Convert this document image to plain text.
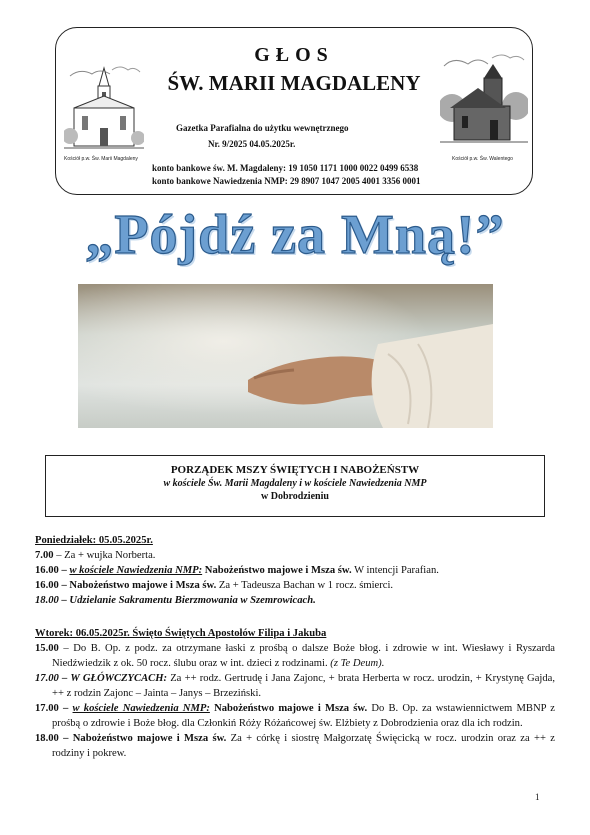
Kościół p.w. Św. Marii Magdaleny	Kościół p.w. Św. Walentego
GŁOS
ŚW. MARII MAGDALENY
Gazetka Parafialna do użytku wewnętrznego
Nr. 9/2025 04.05.2025r.
konto bankowe św. M. Magdaleny: 19 1050 1171 1000 0022 0499 6538
konto bankowe Nawiedzenia NMP: 29 8907 1047 2005 4001 3356 0001
„Pójdź za Mną!”
PORZĄDEK MSZY ŚWIĘTYCH I NABOŻEŃSTW
w kościele Św. Marii Magdaleny i w kościele Nawiedzenia NMP
w Dobrodzieniu

Poniedziałek: 05.05.2025r.

7.00 – Za + wujka Norberta.

16.00 – w kościele Nawiedzenia NMP: Nabożeństwo majowe i Msza św. W intencji Parafian.

16.00 – Nabożeństwo majowe i Msza św. Za + Tadeusza Bachan w 1 rocz. śmierci.

18.00 – Udzielanie Sakramentu Bierzmowania w Szemrowicach.

Wtorek: 06.05.2025r. Święto Świętych Apostołów Filipa i Jakuba

15.00 – Do B. Op. z podz. za otrzymane łaski z prośbą o dalsze Boże błog. i zdrowie w int. Wiesławy i Ryszarda Niedźwiedzik z ok. 50 rocz. ślubu oraz w int. dzieci z rodzinami. (z Te Deum).

17.00 – W GŁÓWCZYCACH: Za ++ rodz. Gertrudę i Jana Zajonc, + brata Herberta w rocz. urodzin, + Krystynę Gajda, ++ z rodzin Zajonc – Jainta – Janys – Brzeziński.

17.00 – w kościele Nawiedzenia NMP: Nabożeństwo majowe i Msza św. Do B. Op. za wstawiennictwem MBNP z prośbą o zdrowie i Boże błog. dla Członkiń Róży Różańcowej św. Elżbiety z Dobrodzienia oraz dla ich rodzin.

18.00 – Nabożeństwo majowe i Msza św. Za + córkę i siostrę Małgorzatę Święcicką w rocz. urodzin oraz za ++ z rodziny i pokrew.

1
